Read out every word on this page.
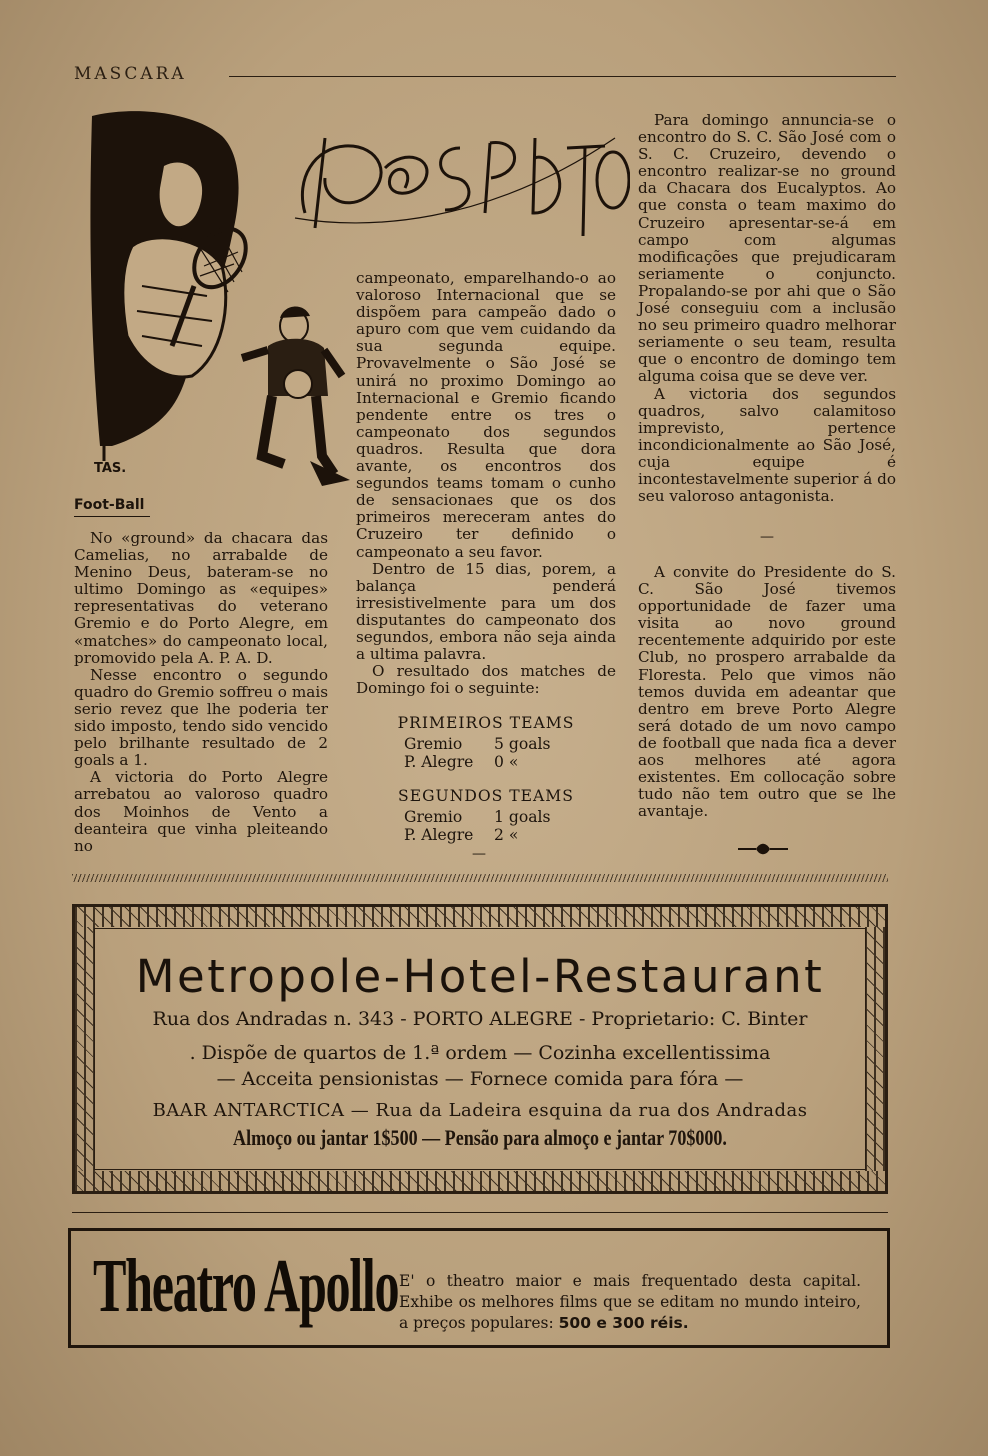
MASCARA
TAS.
Foot-Ball

No «ground» da chacara das Camelias, no arrabalde de Menino Deus, bateram-se no ultimo Domingo as «equipes» representativas do veterano Gremio e do Porto Alegre, em «matches» do campeonato local, promovido pela A. P. A. D.

Nesse encontro o segundo quadro do Gremio soffreu o mais serio revez que lhe poderia ter sido imposto, tendo sido vencido pelo brilhante resultado de 2 goals a 1.

A victoria do Porto Alegre arrebatou ao valoroso quadro dos Moinhos de Vento a deanteira que vinha pleiteando no

campeonato, emparelhando-o ao valoroso Internacional que se dispõem para campeão dado o apuro com que vem cuidando da sua segunda equipe. Provavelmente o São José se unirá no proximo Domingo ao Internacional e Gremio ficando pendente entre os tres o campeonato dos segundos quadros. Resulta que dora avante, os encontros dos segundos teams tomam o cunho de sensacionaes que os dos primeiros mereceram antes do Cruzeiro ter definido o campeonato a seu favor.

Dentro de 15 dias, porem, a balança penderá irresistivelmente para um dos disputantes do campeonato dos segundos, embora não seja ainda a ultima palavra.

O resultado dos matches de Domingo foi o seguinte:

PRIMEIROS TEAMS
Gremio 5 goals
P. Alegre 0 «
SEGUNDOS TEAMS
Gremio 1 goals
P. Alegre 2 «
—

Para domingo annuncia-se o encontro do S. C. São José com o S. C. Cruzeiro, devendo o encontro realizar-se no ground da Chacara dos Eucalyptos. Ao que consta o team maximo do Cruzeiro apresentar-se-á em campo com algumas modificações que prejudicaram seriamente o conjuncto. Propalando-se por ahi que o São José conseguiu com a inclusão no seu primeiro quadro melhorar seriamente o seu team, resulta que o encontro de domingo tem alguma coisa que se deve ver.

A victoria dos segundos quadros, salvo calamitoso imprevisto, pertence incondicionalmente ao São José, cuja equipe é incontestavelmente superior á do seu valoroso antagonista.

—

A convite do Presidente do S. C. São José tivemos opportunidade de fazer uma visita ao novo ground recentemente adquirido por este Club, no prospero arrabalde da Floresta. Pelo que vimos não temos duvida em adeantar que dentro em breve Porto Alegre será dotado de um novo campo de football que nada fica a dever aos melhores até agora existentes. Em collocação sobre tudo não tem outro que se lhe avantaje.

Metropole-Hotel-Restaurant
Rua dos Andradas n. 343 - PORTO ALEGRE - Proprietario: C. Binter
. Dispõe de quartos de 1.ª ordem — Cozinha excellentissima
— Acceita pensionistas — Fornece comida para fóra —
BAAR ANTARCTICA — Rua da Ladeira esquina da rua dos Andradas
Almoço ou jantar 1$500 — Pensão para almoço e jantar 70$000.
Theatro Apollo E' o theatro maior e mais frequentado desta capital. Exhibe os melhores films que se editam no mundo inteiro, a preços populares: 500 e 300 réis.
